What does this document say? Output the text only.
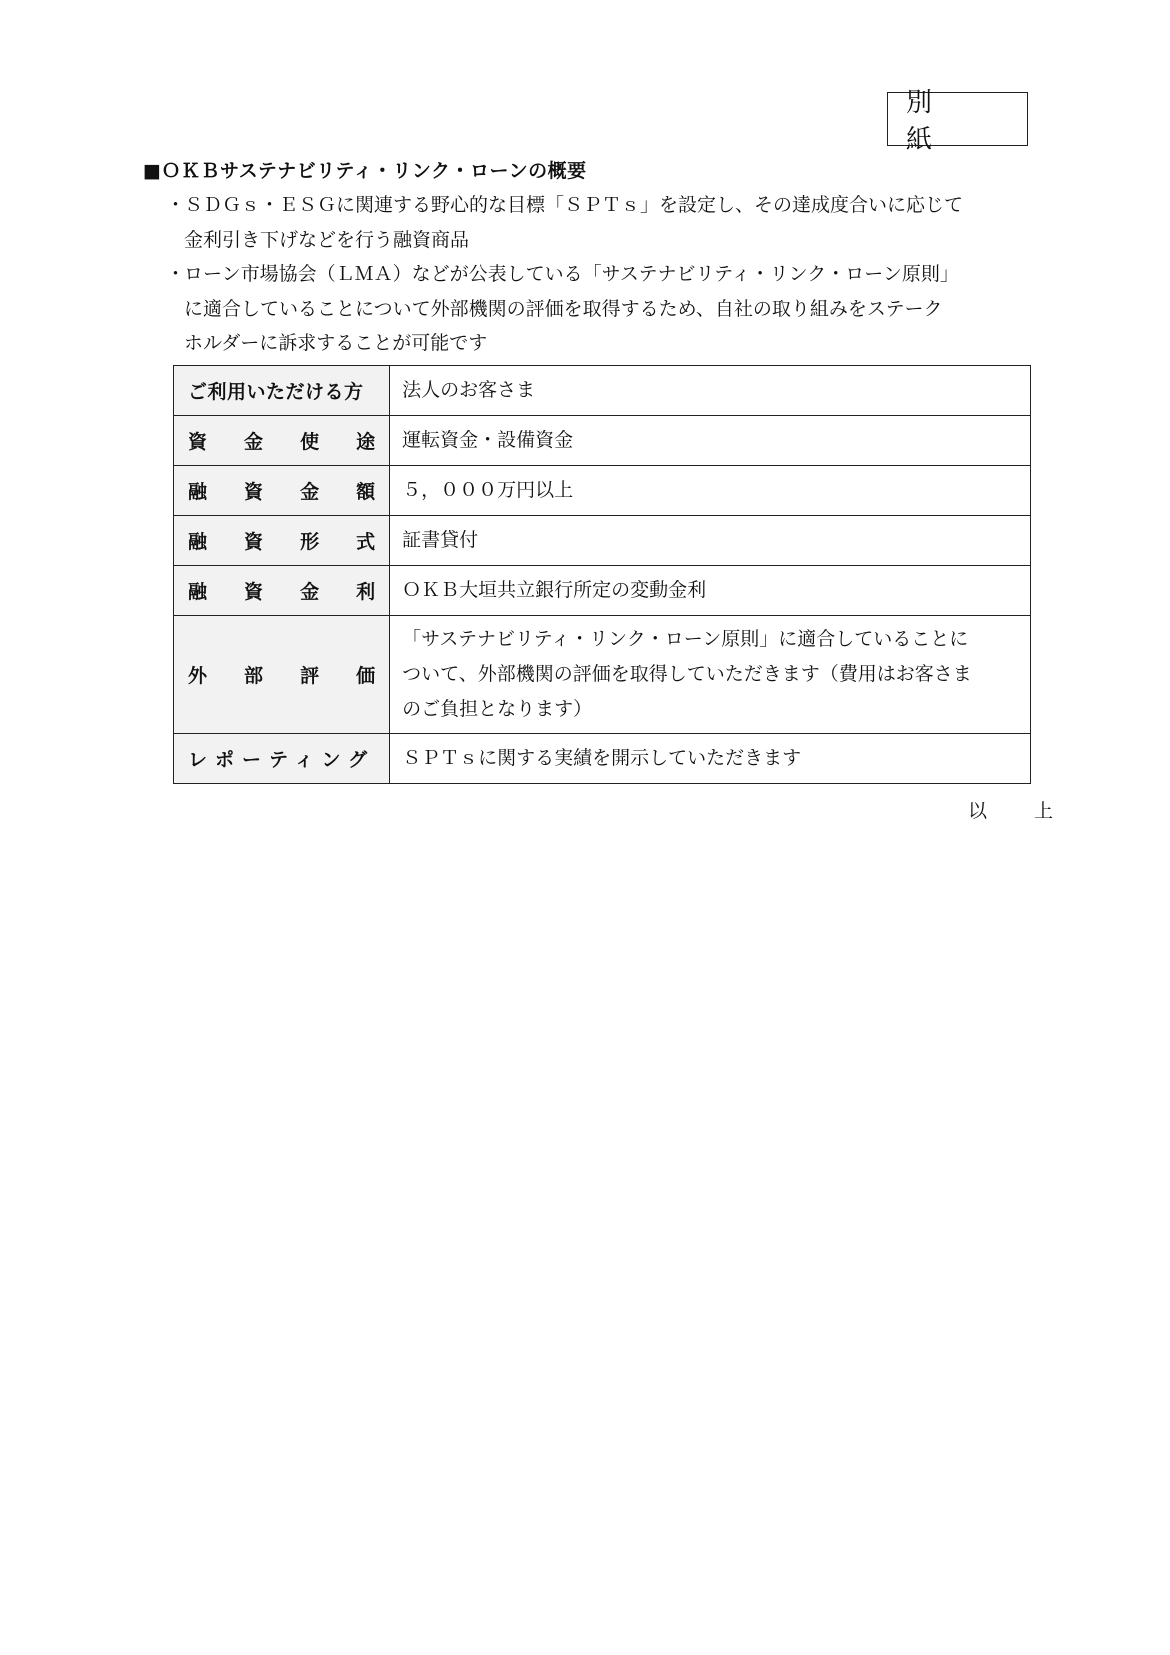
別　紙
■ＯＫＢサステナビリティ・リンク・ローンの概要

・
ＳＤＧｓ・ＥＳＧに関連する野心的な目標「ＳＰＴｓ」を設定し、その達成度合いに応じて
金利引き下げなどを行う融資商品

・
ローン市場協会（ＬＭＡ）などが公表している「サステナビリティ・リンク・ローン原則」
に適合していることについて外部機関の評価を取得するため、自社の取り組みをステーク
ホルダーに訴求することが可能です

ご利用いただける方	法人のお客さま
資金使途	運転資金・設備資金
融資金額	５，０００万円以上
融資形式	証書貸付
融資金利	ＯＫＢ大垣共立銀行所定の変動金利
外部評価	「サステナビリティ・リンク・ローン原則」に適合していることに
ついて、外部機関の評価を取得していただきます（費用はお客さま
のご負担となります）
レポーティング	ＳＰＴｓに関する実績を開示していただきます
以　上
